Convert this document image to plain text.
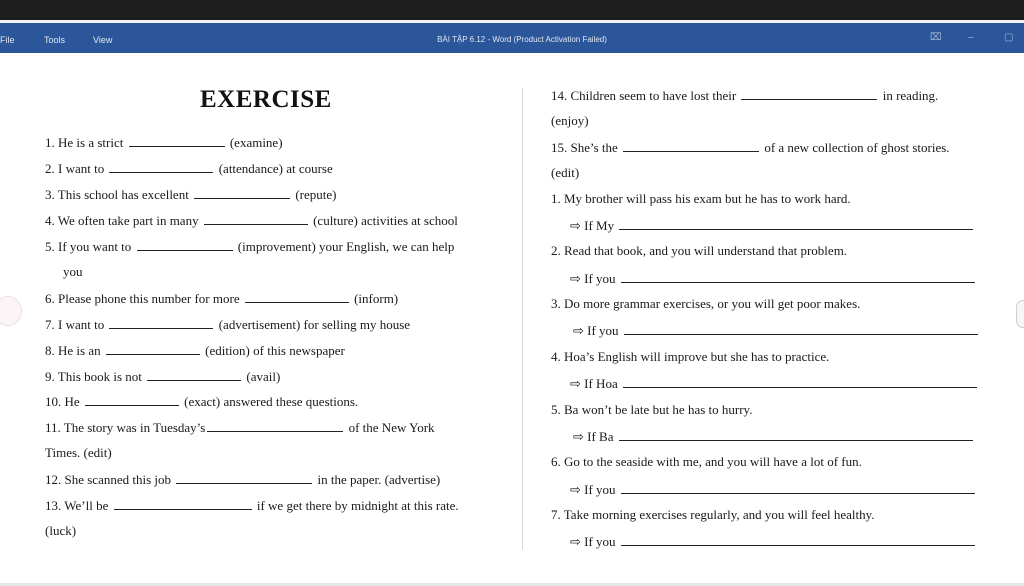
File	Tools	View	BÀI TẬP 6.12 - Word (Product Activation Failed)	⌧	–	▢
EXERCISE
1. He is a strict	(examine)
2. I want to	(attendance) at course
3. This school has excellent	(repute)
4. We often take part in many	(culture) activities at school
5. If you want to	(improvement) your English, we can help
you
6. Please phone this number for more	(inform)
7. I want to	(advertisement) for selling my house
8. He is an	(edition) of this newspaper
9. This book is not	(avail)
10. He	(exact) answered these questions.
11. The story was in Tuesday’s	of the New York
Times. (edit)
12. She scanned this job	in the paper. (advertise)
13. We’ll be	if we get there by midnight at this rate.
(luck)
14. Children seem to have lost their	in reading.
(enjoy)
15. She’s the	of a new collection of ghost stories.
(edit)
1. My brother will pass his exam but he has to work hard.
⇨ If My
2. Read that book, and you will understand that problem.
⇨ If you
3. Do more grammar exercises, or you will get poor makes.
⇨ If you
4. Hoa’s English will improve but she has to practice.
⇨ If Hoa
5. Ba won’t be late but he has to hurry.
⇨ If Ba
6. Go to the seaside with me, and you will have a lot of fun.
⇨ If you
7. Take morning exercises regularly, and you will feel healthy.
⇨ If you
